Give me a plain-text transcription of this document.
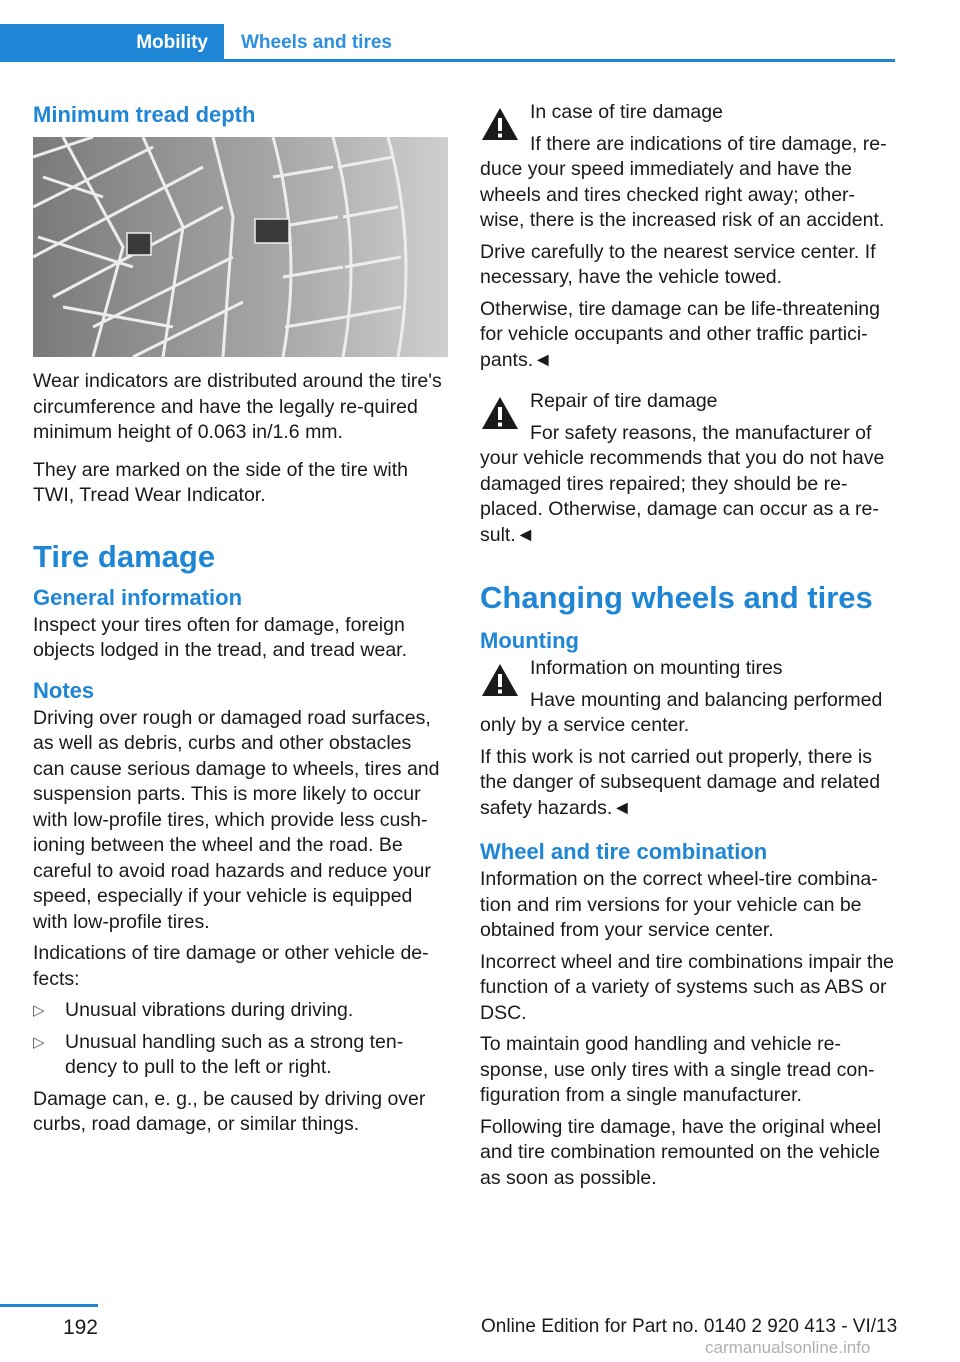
Mobility	Wheels and tires
Minimum tread depth

Wear indicators are distributed around the tire's circumference and have the legally re-quired minimum height of 0.063 in/1.6 mm.

They are marked on the side of the tire with TWI, Tread Wear Indicator.

Tire damage
General information

Inspect your tires often for damage, foreign objects lodged in the tread, and tread wear.

Notes

Driving over rough or damaged road surfaces, as well as debris, curbs and other obstacles can cause serious damage to wheels, tires and suspension parts. This is more likely to occur with low-profile tires, which provide less cush-ioning between the wheel and the road. Be careful to avoid road hazards and reduce your speed, especially if your vehicle is equipped with low-profile tires.

Indications of tire damage or other vehicle de-fects:

▷	Unusual vibrations during driving.

▷	Unusual handling such as a strong ten-dency to pull to the left or right.

Damage can, e. g., be caused by driving over curbs, road damage, or similar things.

In case of tire damage

If there are indications of tire damage, re-duce your speed immediately and have the wheels and tires checked right away; other-wise, there is the increased risk of an accident.

Drive carefully to the nearest service center. If necessary, have the vehicle towed.

Otherwise, tire damage can be life-threatening for vehicle occupants and other traffic partici-pants.◄

Repair of tire damage

For safety reasons, the manufacturer of your vehicle recommends that you do not have damaged tires repaired; they should be re-placed. Otherwise, damage can occur as a re-sult.◄

Changing wheels and tires
Mounting

Information on mounting tires

Have mounting and balancing performed only by a service center.

If this work is not carried out properly, there is the danger of subsequent damage and related safety hazards.◄

Wheel and tire combination

Information on the correct wheel-tire combina-tion and rim versions for your vehicle can be obtained from your service center.

Incorrect wheel and tire combinations impair the function of a variety of systems such as ABS or DSC.

To maintain good handling and vehicle re-sponse, use only tires with a single tread con-figuration from a single manufacturer.

Following tire damage, have the original wheel and tire combination remounted on the vehicle as soon as possible.

192	Online Edition for Part no. 0140 2 920 413 - VI/13
carmanualsonline.info
